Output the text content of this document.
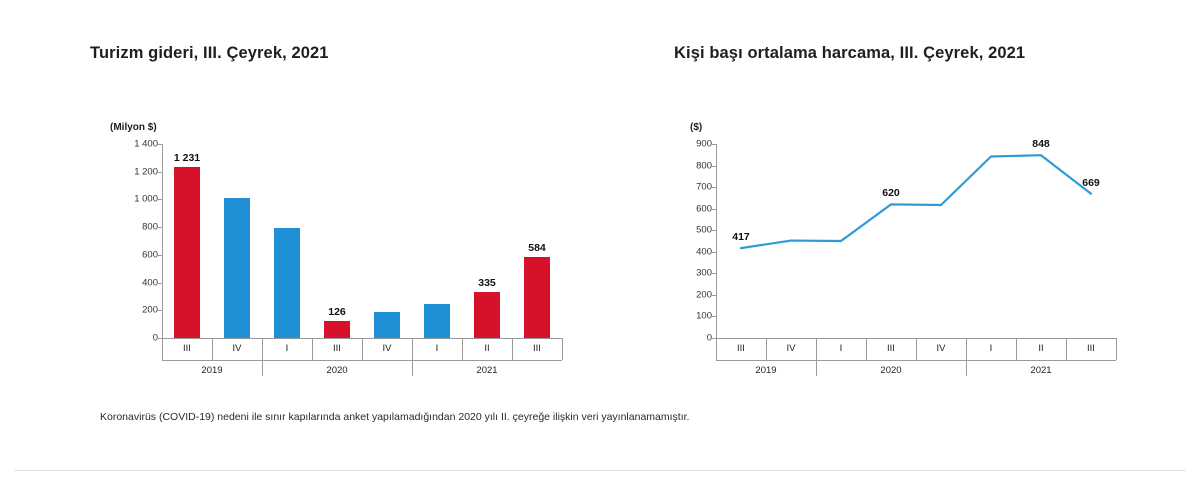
Turizm gideri, III. Çeyrek, 2021
(Milyon $)
0
200
400
600
800
1 000
1 200
1 400
1 231
126
335
584
III	IV	I	III	IV	I	II	III
2019	2020	2021
Kişi başı ortalama harcama, III. Çeyrek, 2021
($)
0
100
200
300
400
500
600
700
800
900
417
620
848
669
III	IV	I	III	IV	I	II	III
2019	2020	2021
Koronavirüs (COVID-19) nedeni ile sınır kapılarında anket yapılamadığından 2020 yılı II. çeyreğe ilişkin veri yayınlanamamıştır.
